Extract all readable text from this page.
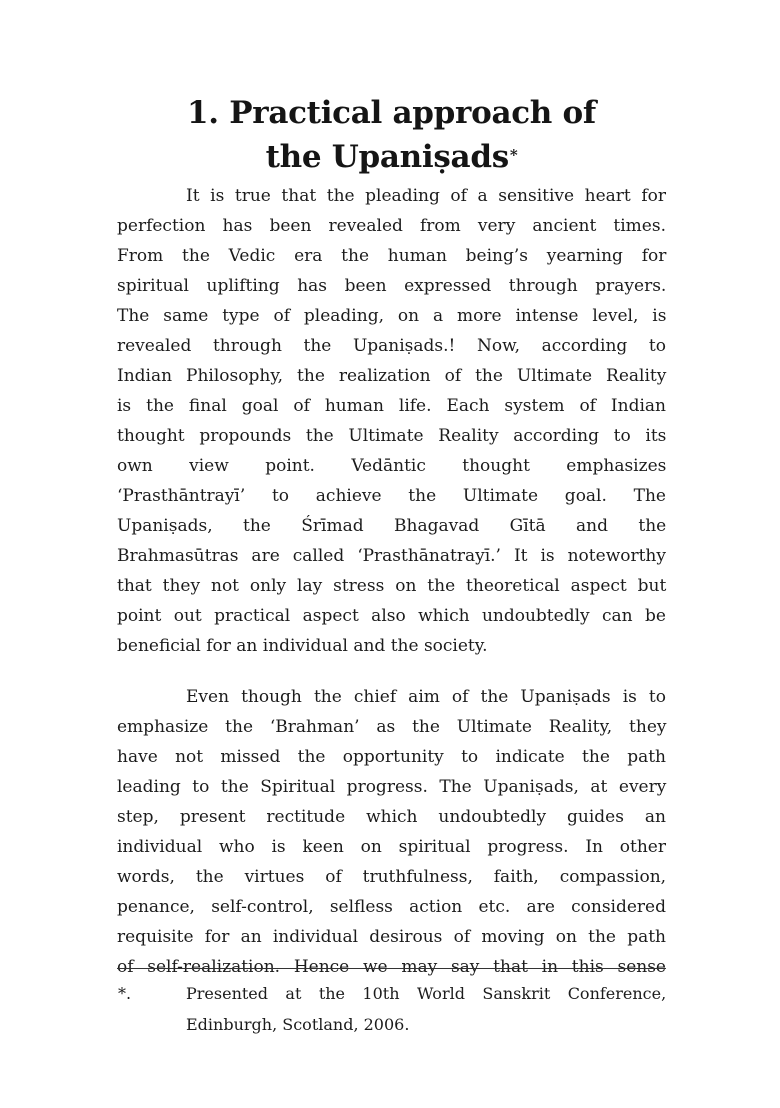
1. Practical approach of
the Upaniṣads*

It is true that the pleading of a sensitive heart for
perfection has been revealed from very ancient times.
From the Vedic era the human being’s yearning for
spiritual uplifting has been expressed through prayers.
The same type of pleading, on a more intense level, is
revealed through the Upaniṣads.! Now, according to
Indian Philosophy, the realization of the Ultimate Reality
is the final goal of human life. Each system of Indian
thought propounds the Ultimate Reality according to its
own view point. Vedāntic thought emphasizes
‘Prasthāntrayī’ to achieve the Ultimate goal. The
Upaniṣads, the Śrīmad Bhagavad Gītā and the
Brahmasūtras are called ‘Prasthānatrayī.’ It is noteworthy
that they not only lay stress on the theoretical aspect but
point out practical aspect also which undoubtedly can be
beneficial for an individual and the society.

Even though the chief aim of the Upaniṣads is to
emphasize the ‘Brahman’ as the Ultimate Reality, they
have not missed the opportunity to indicate the path
leading to the Spiritual progress. The Upaniṣads, at every
step, present rectitude which undoubtedly guides an
individual who is keen on spiritual progress. In other
words, the virtues of truthfulness, faith, compassion,
penance, self-control, selfless action etc. are considered
requisite for an individual desirous of moving on the path
of self-realization. Hence we may say that in this sense

*.	Presented at the 10th World Sanskrit Conference,
Edinburgh, Scotland, 2006.
